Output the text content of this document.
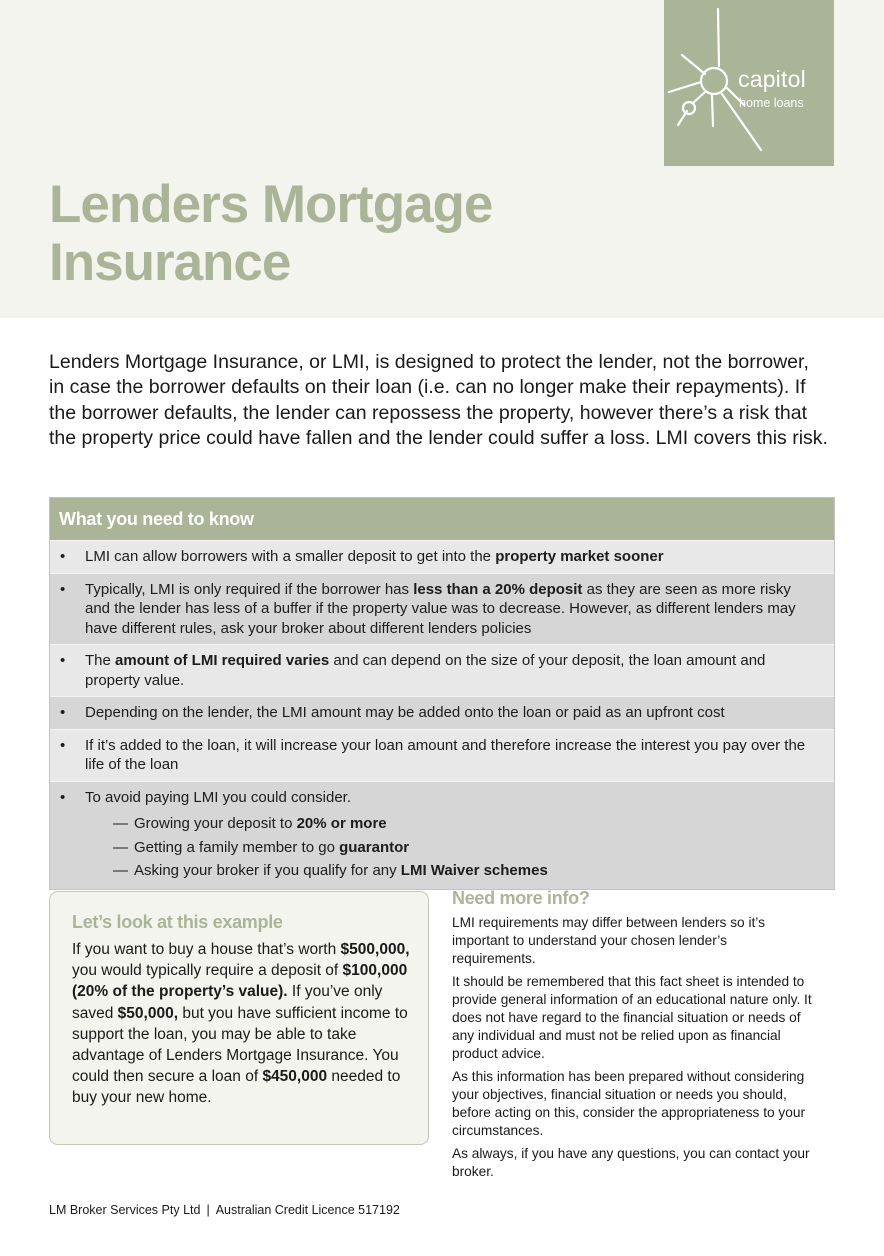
capitol
home loans
Lenders Mortgage
Insurance

Lenders Mortgage Insurance, or LMI, is designed to protect the lender, not the borrower, in case the borrower defaults on their loan (i.e. can no longer make their repayments). If the borrower defaults, the lender can repossess the property, however there’s a risk that the property price could have fallen and the lender could suffer a loss. LMI covers this risk.

What you need to know
• LMI can allow borrowers with a smaller deposit to get into the property market sooner
• Typically, LMI is only required if the borrower has less than a 20% deposit as they are seen as more risky and the lender has less of a buffer if the property value was to decrease. However, as different lenders may have different rules, ask your broker about different lenders policies
• The amount of LMI required varies and can depend on the size of your deposit, the loan amount and property value.
• Depending on the lender, the LMI amount may be added onto the loan or paid as an upfront cost
• If it’s added to the loan, it will increase your loan amount and therefore increase the interest you pay over the life of the loan
• To avoid paying LMI you could consider.
— Growing your deposit to 20% or more
— Getting a family member to go guarantor
— Asking your broker if you qualify for any LMI Waiver schemes
Let’s look at this example
If you want to buy a house that’s worth $500,000, you would typically require a deposit of $100,000 (20% of the property’s value). If you’ve only saved $50,000, but you have sufficient income to support the loan, you may be able to take advantage of Lenders Mortgage Insurance. You could then secure a loan of $450,000 needed to buy your new home.
Need more info?

LMI requirements may differ between lenders so it’s important to understand your chosen lender’s requirements.

It should be remembered that this fact sheet is intended to provide general information of an educational nature only. It does not have regard to the financial situation or needs of any individual and must not be relied upon as financial product advice.

As this information has been prepared without considering your objectives, financial situation or needs you should, before acting on this, consider the appropriateness to your circumstances.

As always, if you have any questions, you can contact your broker.

LM Broker Services Pty Ltd | Australian Credit Licence 517192
